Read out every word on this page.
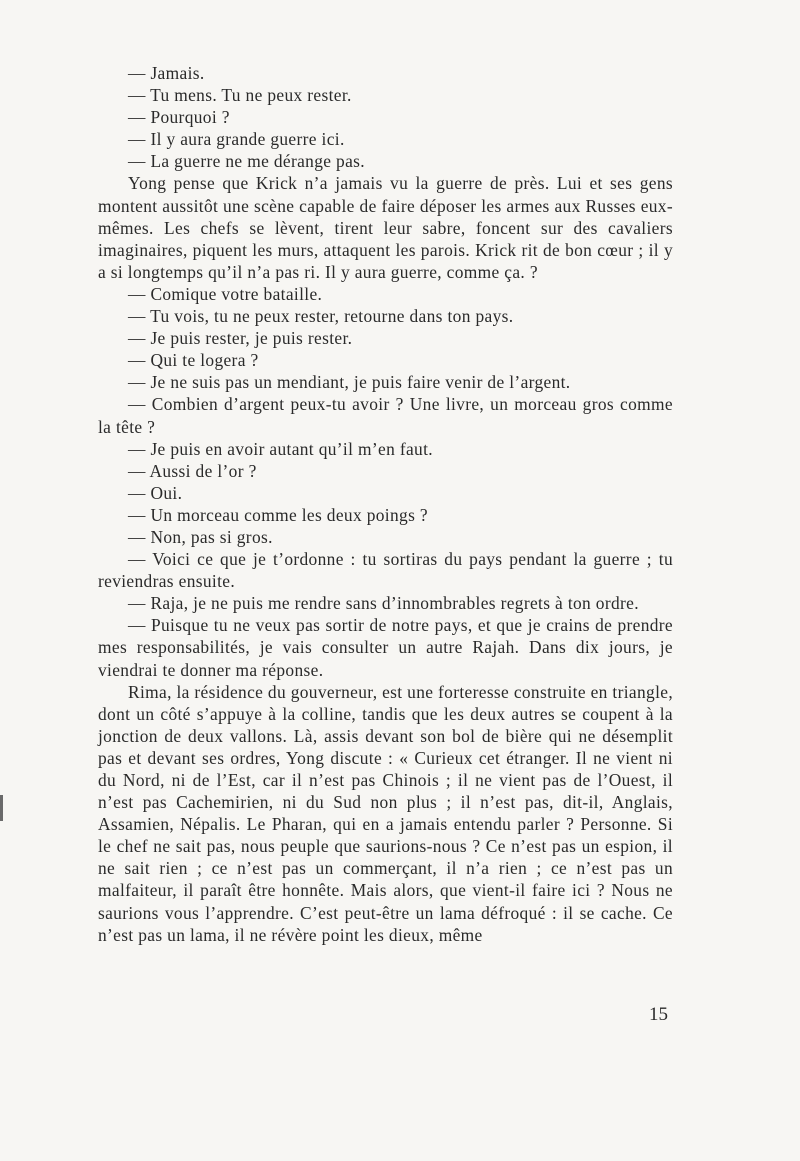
— Jamais.

— Tu mens. Tu ne peux rester.

— Pourquoi ?

— Il y aura grande guerre ici.

— La guerre ne me dérange pas.

Yong pense que Krick n’a jamais vu la guerre de près. Lui et ses gens montent aussitôt une scène capable de faire déposer les armes aux Russes eux-mêmes. Les chefs se lèvent, tirent leur sabre, foncent sur des cavaliers imaginaires, piquent les murs, attaquent les parois. Krick rit de bon cœur ; il y a si longtemps qu’il n’a pas ri. Il y aura guerre, comme ça. ?

— Comique votre bataille.

— Tu vois, tu ne peux rester, retourne dans ton pays.

— Je puis rester, je puis rester.

— Qui te logera ?

— Je ne suis pas un mendiant, je puis faire venir de l’argent.

— Combien d’argent peux-tu avoir ? Une livre, un morceau gros comme la tête ?

— Je puis en avoir autant qu’il m’en faut.

— Aussi de l’or ?

— Oui.

— Un morceau comme les deux poings ?

— Non, pas si gros.

— Voici ce que je t’ordonne : tu sortiras du pays pendant la guerre ; tu reviendras ensuite.

— Raja, je ne puis me rendre sans d’innombrables regrets à ton ordre.

— Puisque tu ne veux pas sortir de notre pays, et que je crains de prendre mes responsabilités, je vais consulter un autre Rajah. Dans dix jours, je viendrai te donner ma réponse.

Rima, la résidence du gouverneur, est une forteresse construite en triangle, dont un côté s’appuye à la colline, tandis que les deux autres se coupent à la jonction de deux vallons. Là, assis devant son bol de bière qui ne désemplit pas et devant ses ordres, Yong discute : « Curieux cet étranger. Il ne vient ni du Nord, ni de l’Est, car il n’est pas Chinois ; il ne vient pas de l’Ouest, il n’est pas Cachemirien, ni du Sud non plus ; il n’est pas, dit-il, Anglais, Assamien, Népalis. Le Pharan, qui en a jamais entendu parler ? Personne. Si le chef ne sait pas, nous peuple que saurions-nous ? Ce n’est pas un espion, il ne sait rien ; ce n’est pas un commerçant, il n’a rien ; ce n’est pas un malfaiteur, il paraît être honnête. Mais alors, que vient-il faire ici ? Nous ne saurions vous l’apprendre. C’est peut-être un lama défroqué : il se cache. Ce n’est pas un lama, il ne révère point les dieux, même

15
